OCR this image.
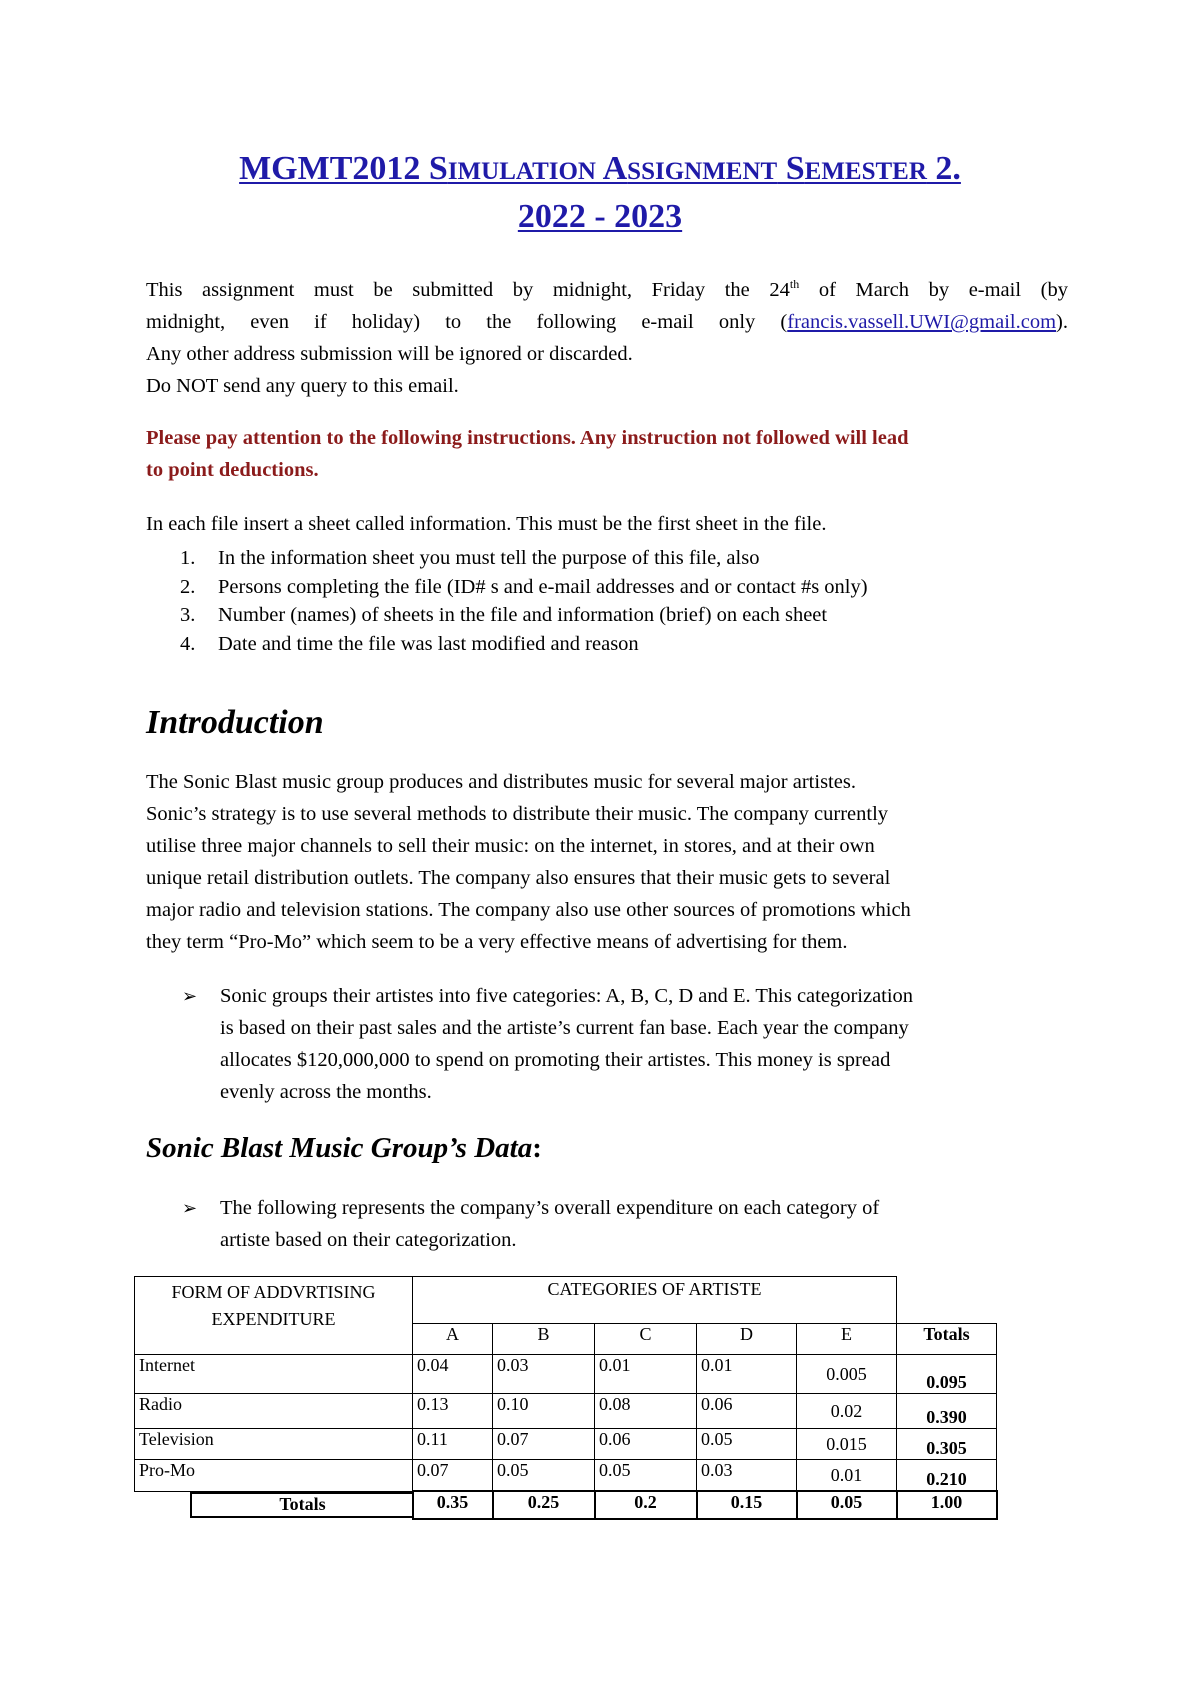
MGMT2012 SIMULATION ASSIGNMENT SEMESTER 2.
2022 - 2023
This assignment must be submitted by midnight, Friday the 24th of March by e-mail (by
midnight, even if holiday) to the following e-mail only (francis.vassell.UWI@gmail.com).
Any other address submission will be ignored or discarded.
Do NOT send any query to this email.
Please pay attention to the following instructions. Any instruction not followed will lead
to point deductions.
In each file insert a sheet called information. This must be the first sheet in the file.
1. In the information sheet you must tell the purpose of this file, also
2. Persons completing the file (ID# s and e-mail addresses and or contact #s only)
3. Number (names) of sheets in the file and information (brief) on each sheet
4. Date and time the file was last modified and reason
Introduction
The Sonic Blast music group produces and distributes music for several major artistes.
Sonic’s strategy is to use several methods to distribute their music. The company currently
utilise three major channels to sell their music: on the internet, in stores, and at their own
unique retail distribution outlets. The company also ensures that their music gets to several
major radio and television stations. The company also use other sources of promotions which
they term “Pro-Mo” which seem to be a very effective means of advertising for them.
➢ Sonic groups their artistes into five categories: A, B, C, D and E. This categorization
is based on their past sales and the artiste’s current fan base. Each year the company
allocates $120,000,000 to spend on promoting their artistes. This money is spread
evenly across the months.
Sonic Blast Music Group’s Data:
➢ The following represents the company’s overall expenditure on each category of
artiste based on their categorization.
FORM OF ADDVRTISING
EXPENDITURE	CATEGORIES OF ARTISTE					
	A	B	C	D	E	Totals
Internet	0.04	0.03	0.01	0.01	0.005	0.095
Radio	0.13	0.10	0.08	0.06	0.02	0.390
Television	0.11	0.07	0.06	0.05	0.015	0.305
Pro-Mo	0.07	0.05	0.05	0.03	0.01	0.210
Totals	0.35	0.25	0.2	0.15	0.05	1.00
